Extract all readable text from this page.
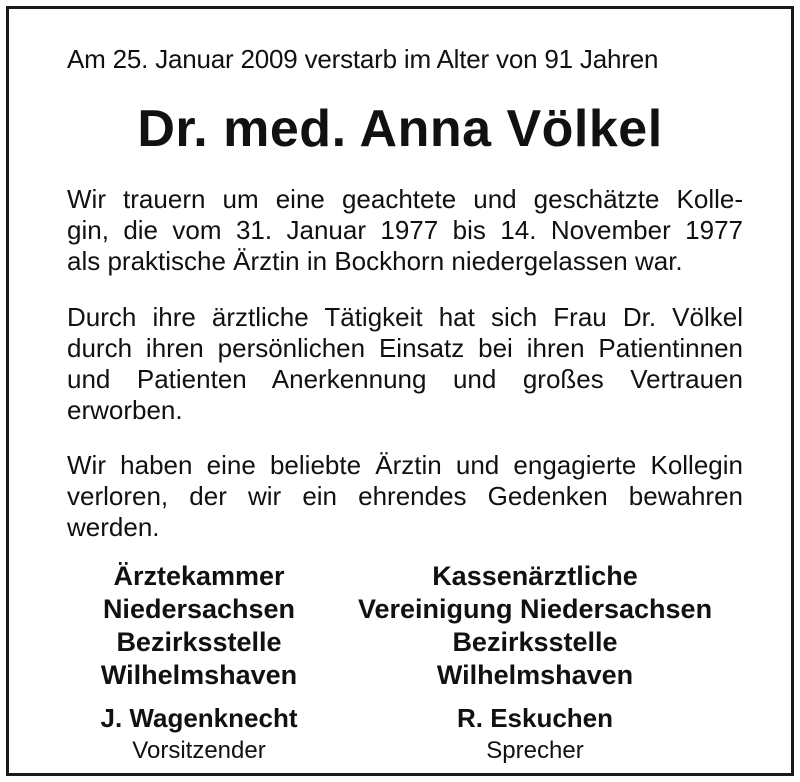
Am 25. Januar 2009 verstarb im Alter von 91 Jahren
Dr. med. Anna Völkel
Wir trauern um eine geachtete und geschätzte Kolle-
gin, die vom 31. Januar 1977 bis 14. November 1977
als praktische Ärztin in Bockhorn niedergelassen war.
Durch ihre ärztliche Tätigkeit hat sich Frau Dr. Völkel
durch ihren persönlichen Einsatz bei ihren Patientinnen
und Patienten Anerkennung und großes Vertrauen
erworben.
Wir haben eine beliebte Ärztin und engagierte Kollegin
verloren, der wir ein ehrendes Gedenken bewahren
werden.
Ärztekammer
Niedersachsen
Bezirksstelle
Wilhelmshaven
Kassenärztliche
Vereinigung Niedersachsen
Bezirksstelle
Wilhelmshaven
J. Wagenknecht	R. Eskuchen
Vorsitzender	Sprecher
